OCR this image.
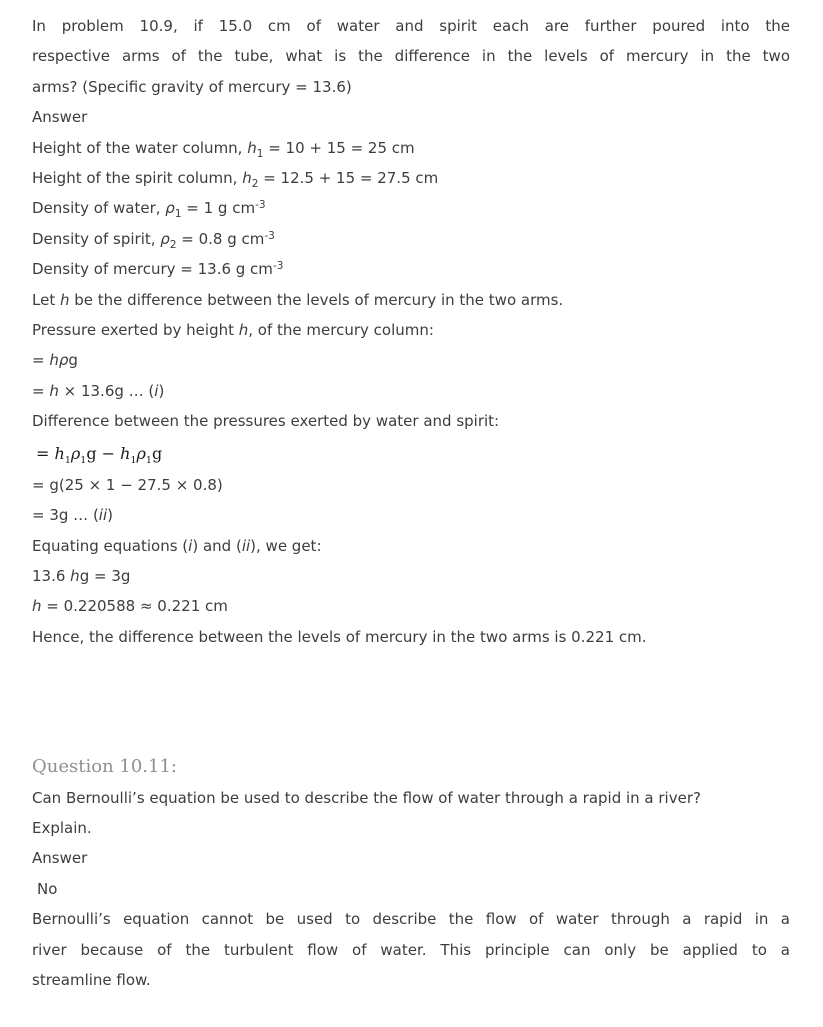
In problem 10.9, if 15.0 cm of water and spirit each are further poured into the
respective arms of the tube, what is the difference in the levels of mercury in the two
arms? (Specific gravity of mercury = 13.6)
Answer
Height of the water column, $h_1 = 10 + 15 = 25$ cm
Height of the spirit column, $h_2 = 12.5 + 15 = 27.5$ cm
Density of water, $\rho_1 = 1$ g $cm^{-3}$
Density of spirit, $\rho_2 = 0.8$ g $cm^{-3}$
Density of mercury = 13.6 g $cm^{-3}$
Let h be the difference between the levels of mercury in the two arms.
Pressure exerted by height h, of the mercury column:
= hρg
= h × 13.6g … (i)
Difference between the pressures exerted by water and spirit:
= $h_1\rho_1g - h_1\rho_1g$
= g(25 × 1 − 27.5 × 0.8)
= 3g … (ii)
Equating equations (i) and (ii), we get:
13.6 hg = 3g
h = 0.220588 ≈ 0.221 cm
Hence, the difference between the levels of mercury in the two arms is 0.221 cm.
Question 10.11:
Can Bernoulli’s equation be used to describe the flow of water through a rapid in a river?
Explain.
Answer
No
Bernoulli’s equation cannot be used to describe the flow of water through a rapid in a
river because of the turbulent flow of water. This principle can only be applied to a
streamline flow.
